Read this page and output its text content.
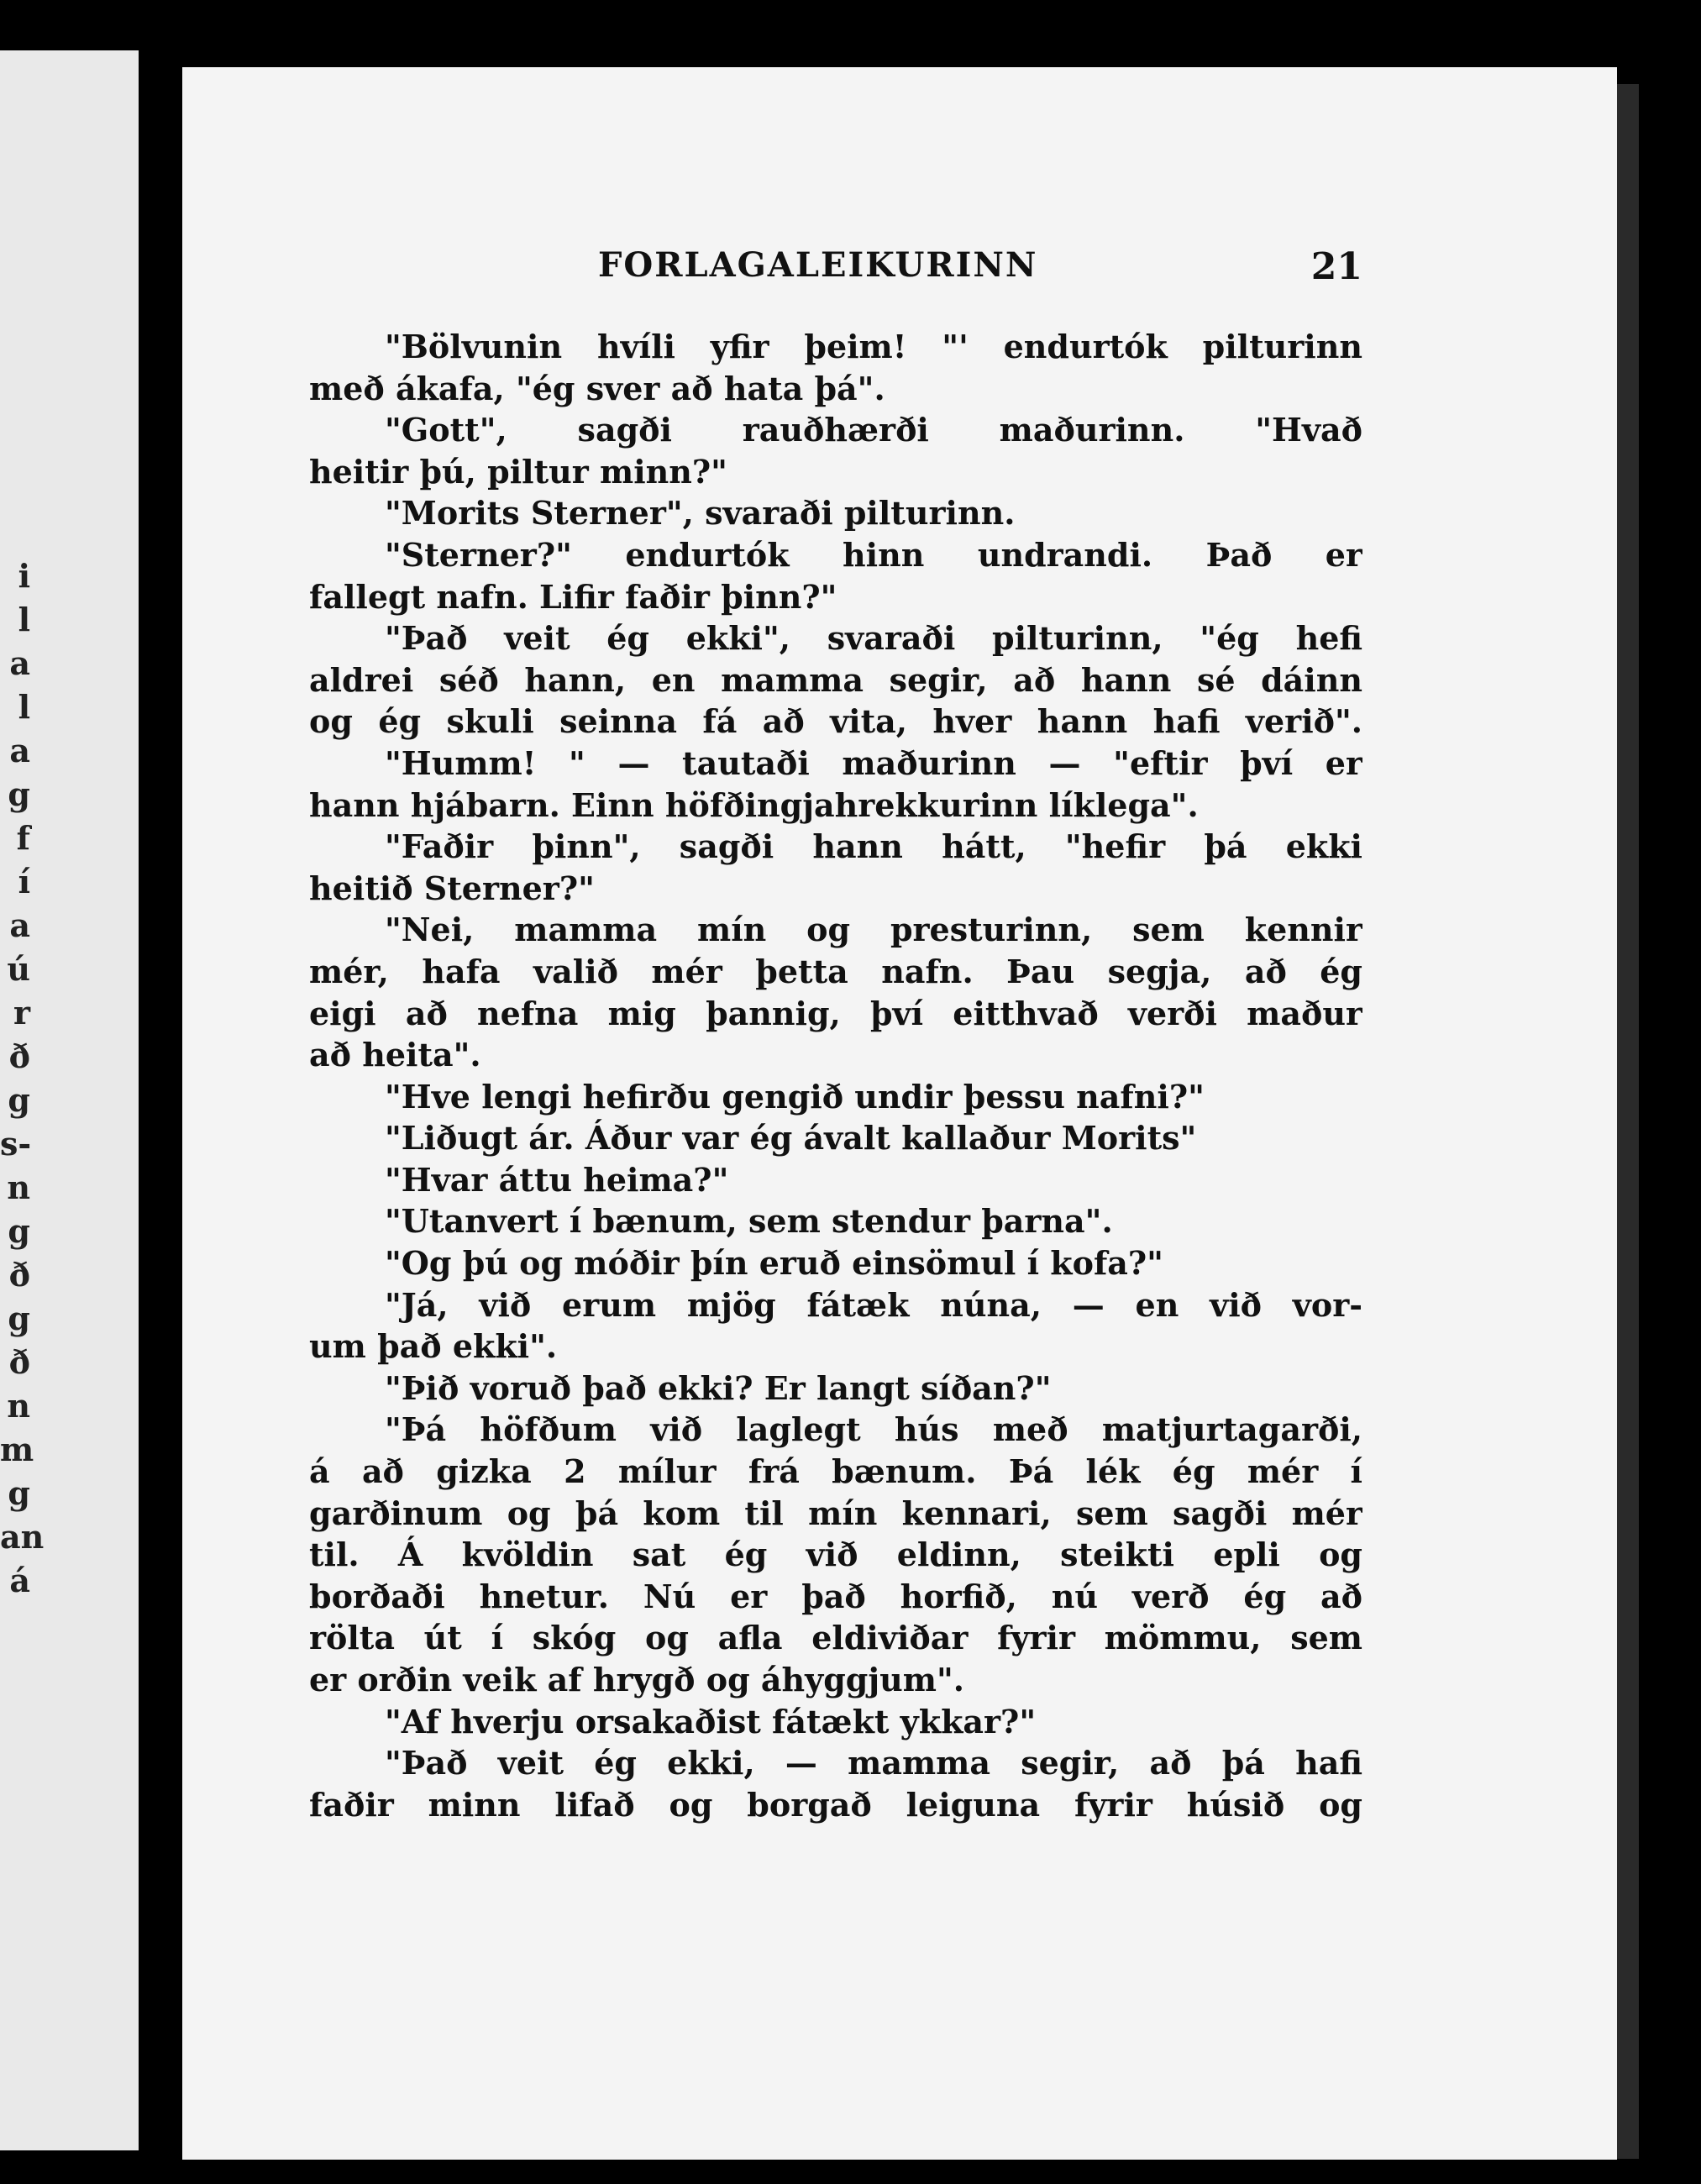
i
l
a
l
a
g
f
í
a
ú
r
ð
g
s-
n
g
ð
g
ð
n
m
g
an
á
FORLAGALEIKURINN	21
"Bölvunin hvíli yfir þeim! "' endurtók pilturinn
með ákafa, "ég sver að hata þá".
"Gott", sagði rauðhærði maðurinn. "Hvað
heitir þú, piltur minn?"
"Morits Sterner", svaraði pilturinn.
"Sterner?" endurtók hinn undrandi. Það er
fallegt nafn. Lifir faðir þinn?"
"Það veit ég ekki", svaraði pilturinn, "ég hefi
aldrei séð hann, en mamma segir, að hann sé dáinn
og ég skuli seinna fá að vita, hver hann hafi verið".
"Humm! " — tautaði maðurinn — "eftir því er
hann hjábarn. Einn höfðingjahrekkurinn líklega".
"Faðir þinn", sagði hann hátt, "hefir þá ekki
heitið Sterner?"
"Nei, mamma mín og presturinn, sem kennir
mér, hafa valið mér þetta nafn. Þau segja, að ég
eigi að nefna mig þannig, því eitthvað verði maður
að heita".
"Hve lengi hefirðu gengið undir þessu nafni?"
"Liðugt ár. Áður var ég ávalt kallaður Morits"
"Hvar áttu heima?"
"Utanvert í bænum, sem stendur þarna".
"Og þú og móðir þín eruð einsömul í kofa?"
"Já, við erum mjög fátæk núna, — en við vor-
um það ekki".
"Þið voruð það ekki? Er langt síðan?"
"Þá höfðum við laglegt hús með matjurtagarði,
á að gizka 2 mílur frá bænum. Þá lék ég mér í
garðinum og þá kom til mín kennari, sem sagði mér
til. Á kvöldin sat ég við eldinn, steikti epli og
borðaði hnetur. Nú er það horfið, nú verð ég að
rölta út í skóg og afla eldiviðar fyrir mömmu, sem
er orðin veik af hrygð og áhyggjum".
"Af hverju orsakaðist fátækt ykkar?"
"Það veit ég ekki, — mamma segir, að þá hafi
faðir minn lifað og borgað leiguna fyrir húsið og
